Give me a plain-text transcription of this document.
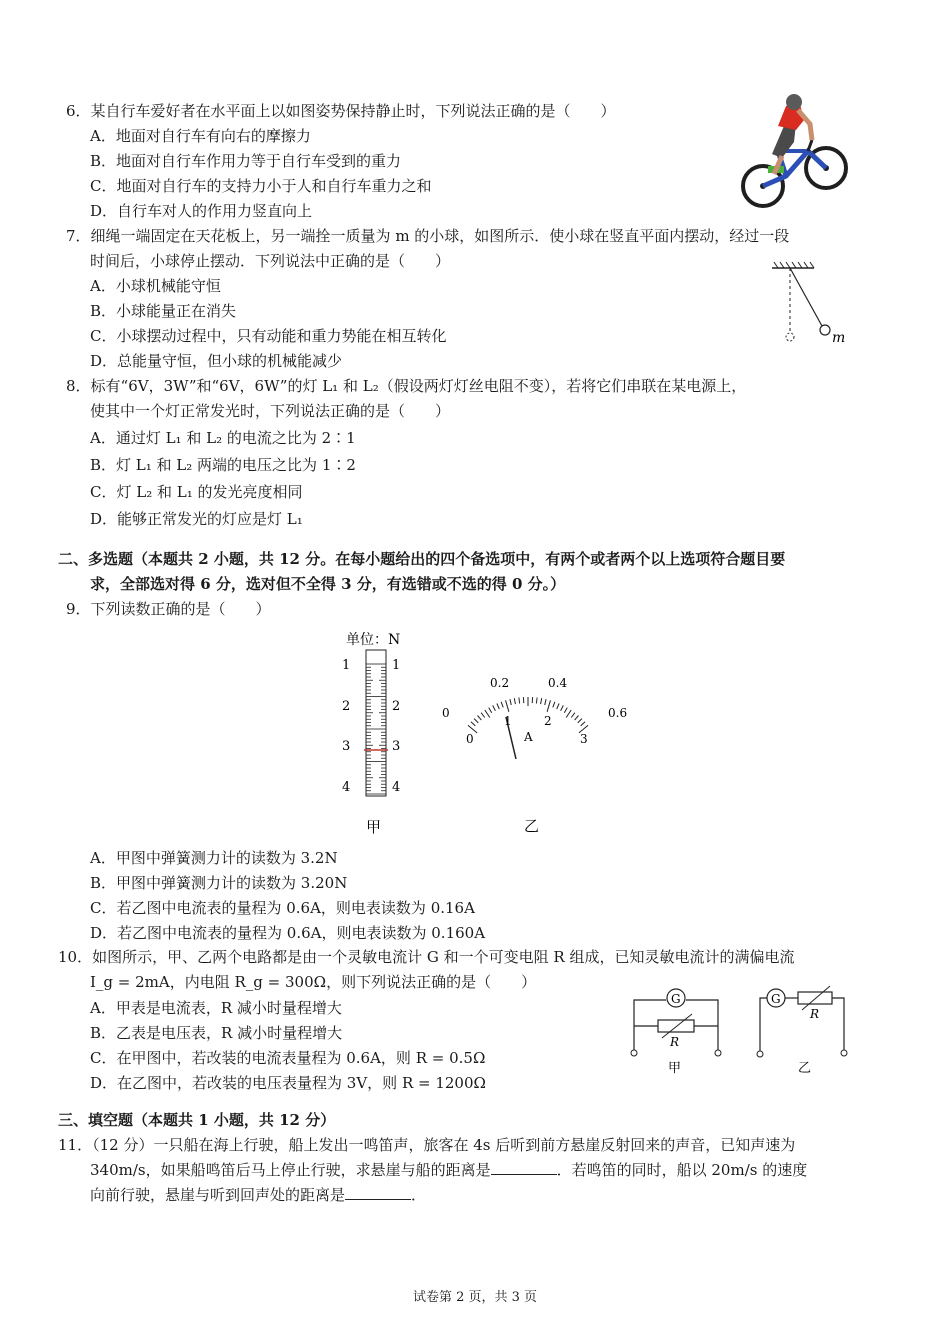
6．某自行车爱好者在水平面上以如图姿势保持静止时，下列说法正确的是（　　）
A．地面对自行车有向右的摩擦力
B．地面对自行车作用力等于自行车受到的重力
C．地面对自行车的支持力小于人和自行车重力之和
D．自行车对人的作用力竖直向上
7．细绳一端固定在天花板上，另一端拴一质量为 m 的小球，如图所示．使小球在竖直平面内摆动，经过一段
时间后，小球停止摆动．下列说法中正确的是（　　）
A．小球机械能守恒
B．小球能量正在消失
C．小球摆动过程中，只有动能和重力势能在相互转化
D．总能量守恒，但小球的机械能减少
m
8．标有“6V，3W”和“6V，6W”的灯 L₁ 和 L₂（假设两灯灯丝电阻不变），若将它们串联在某电源上，
使其中一个灯正常发光时，下列说法正确的是（　　）
A．通过灯 L₁ 和 L₂ 的电流之比为 2∶1
B．灯 L₁ 和 L₂ 两端的电压之比为 1∶2
C．灯 L₂ 和 L₁ 的发光亮度相同
D．能够正常发光的灯应是灯 L₁
二、多选题（本题共 2 小题，共 12 分。在每小题给出的四个备选项中，有两个或者两个以上选项符合题目要
求，全部选对得 6 分，选对但不全得 3 分，有选错或不选的得 0 分。）
9．下列读数正确的是（　　）
单位：N
1	1
2	2
3	3
4	4
甲
0
0.2	0.4
0.6
0
1	2
3
A
乙
A．甲图中弹簧测力计的读数为 3.2N
B．甲图中弹簧测力计的读数为 3.20N
C．若乙图中电流表的量程为 0.6A，则电表读数为 0.16A
D．若乙图中电流表的量程为 0.6A，则电表读数为 0.160A
10．如图所示，甲、乙两个电路都是由一个灵敏电流计 G 和一个可变电阻 R 组成，已知灵敏电流计的满偏电流
I_g = 2mA，内电阻 R_g = 300Ω，则下列说法正确的是（　　）
A．甲表是电流表，R 减小时量程增大
B．乙表是电压表，R 减小时量程增大
C．在甲图中，若改装的电流表量程为 0.6A，则 R = 0.5Ω
D．在乙图中，若改装的电压表量程为 3V，则 R = 1200Ω
G
R
甲
G
R
乙
三、填空题（本题共 1 小题，共 12 分）
11．（12 分）一只船在海上行驶，船上发出一鸣笛声，旅客在 4s 后听到前方悬崖反射回来的声音，已知声速为
340m/s，如果船鸣笛后马上停止行驶，求悬崖与船的距离是	．若鸣笛的同时，船以 20m/s 的速度
向前行驶，悬崖与听到回声处的距离是	．
试卷第 2 页，共 3 页
